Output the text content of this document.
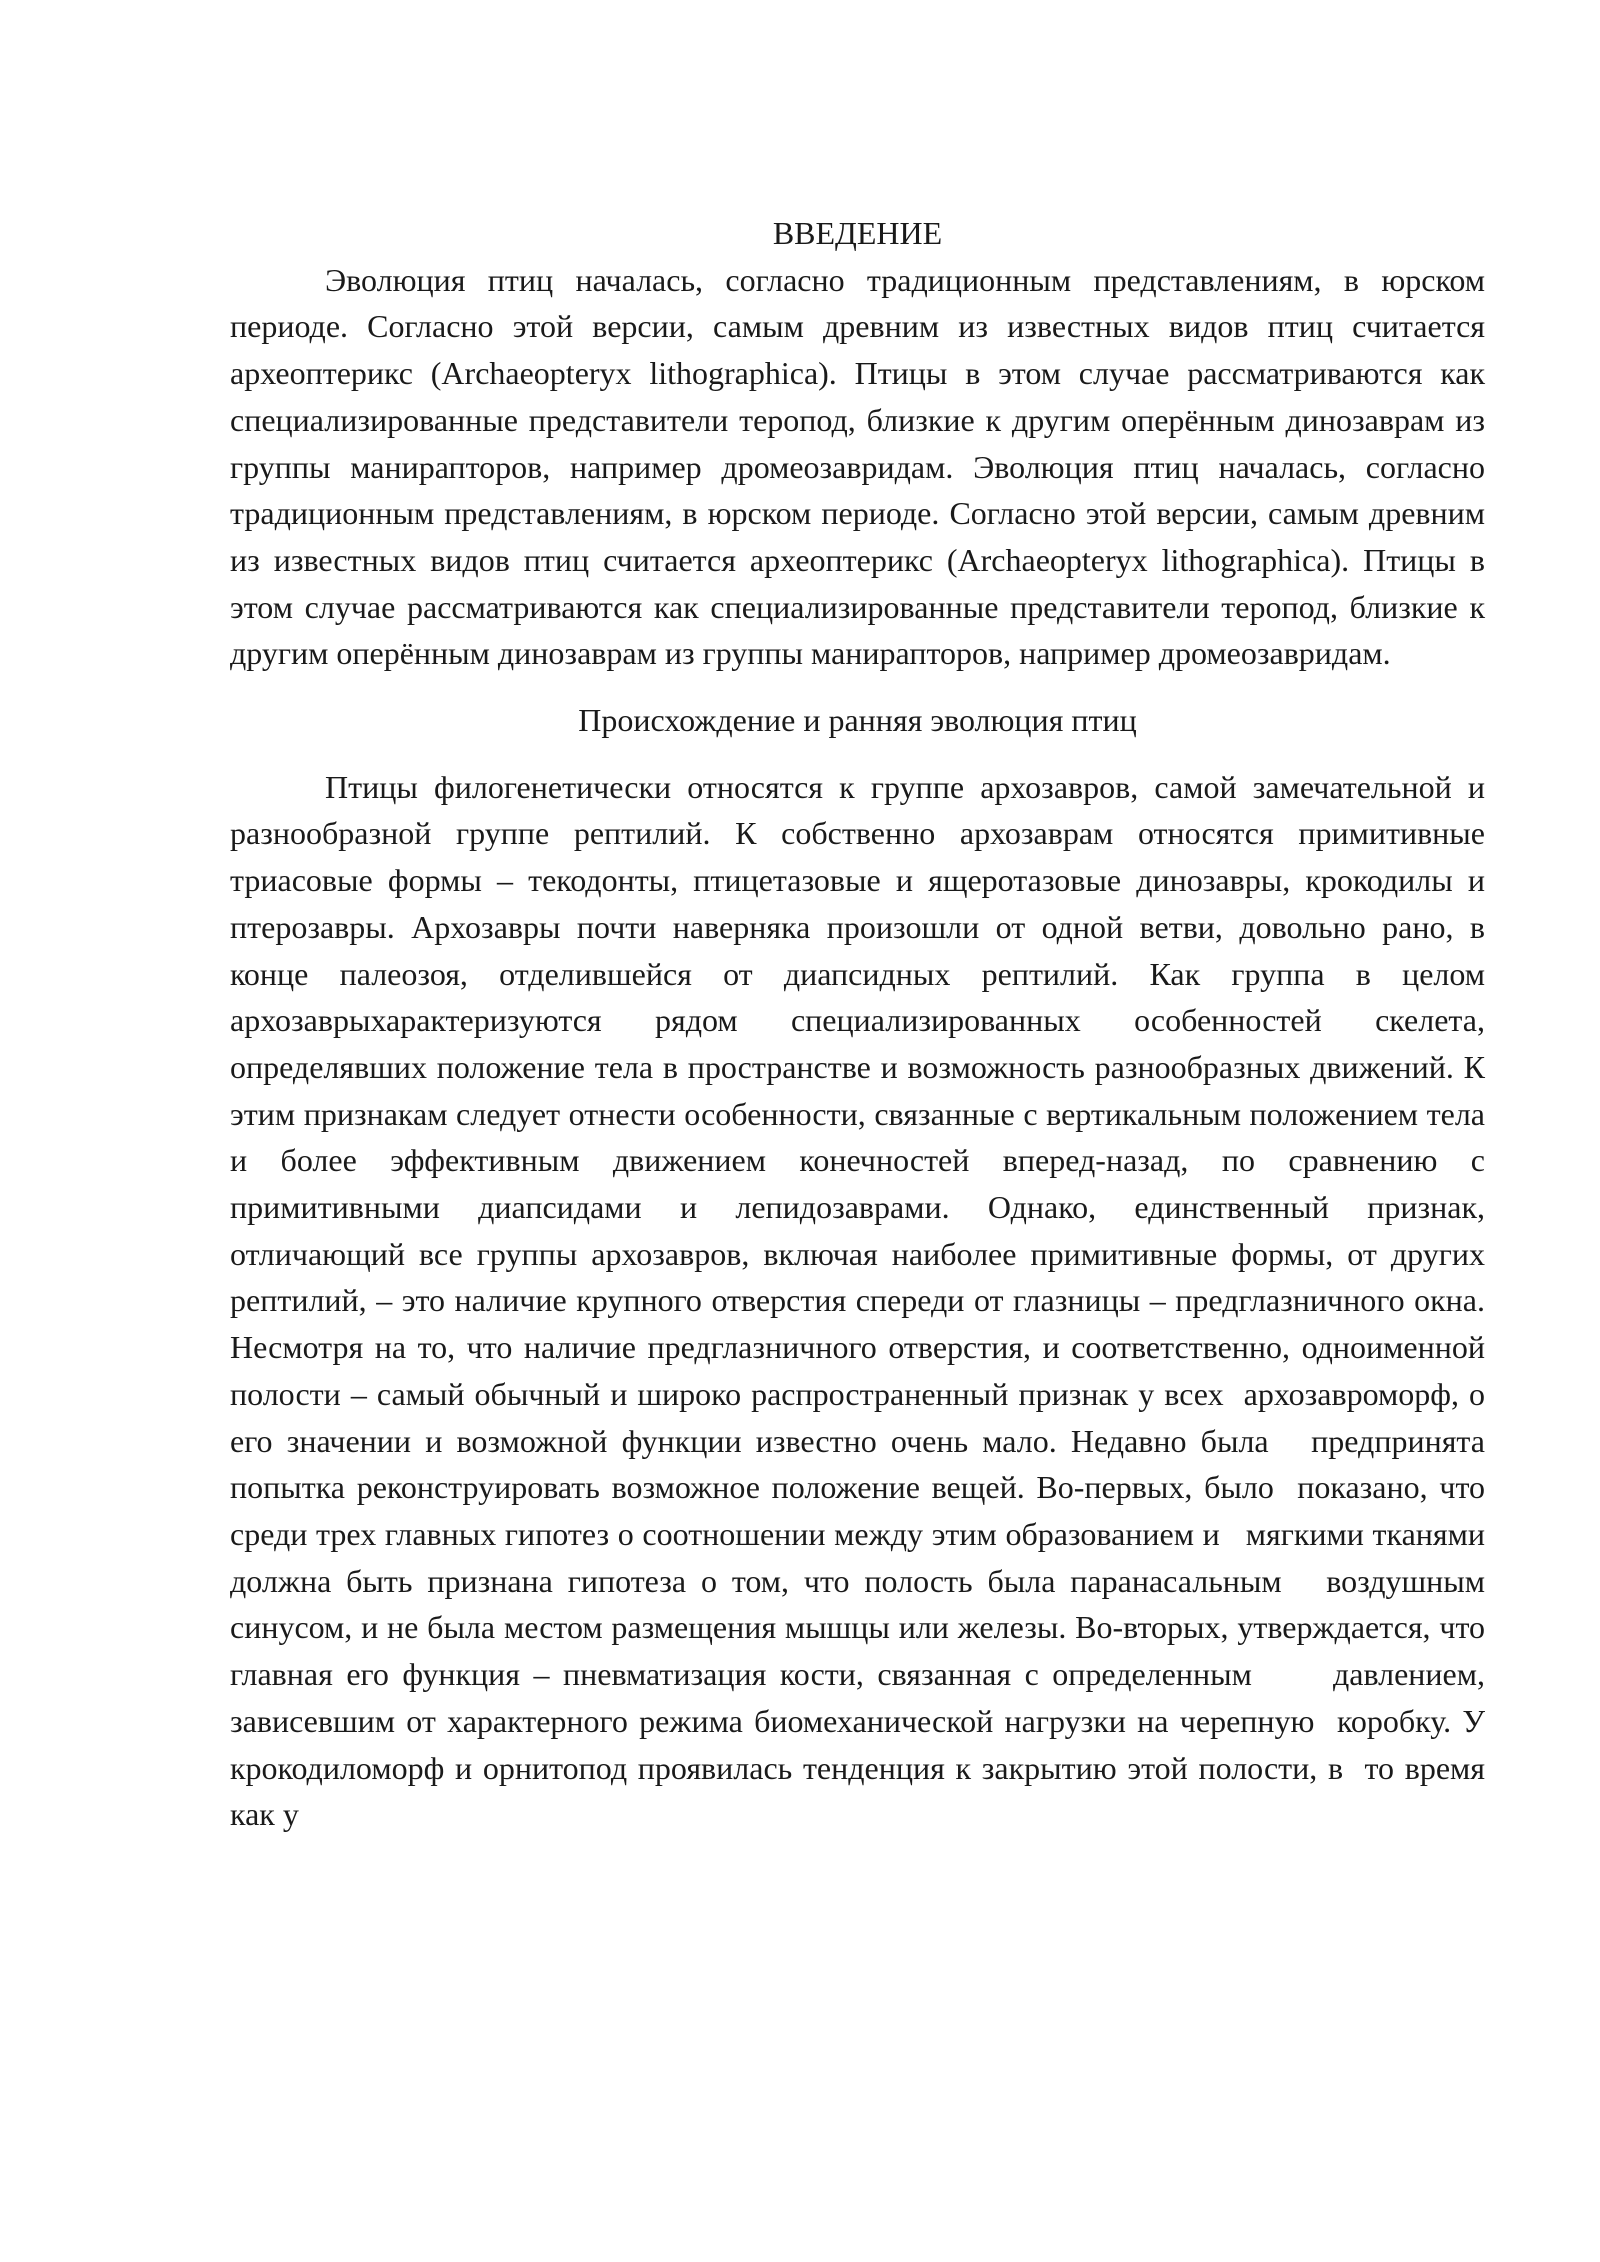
ВВЕДЕНИЕ

Эволюция птиц началась, согласно традиционным представлениям, в юрском периоде. Согласно этой версии, самым древним из известных видов птиц считается археоптерикс (Archaeopteryx lithographica). Птицы в этом случае рассматриваются как специализированные представители теропод, близкие к другим оперённым динозаврам из группы манирапторов, например дромеозавридам. Эволюция птиц началась, согласно традиционным представлениям, в юрском периоде. Согласно этой версии, самым древним из известных видов птиц считается археоптерикс (Archaeopteryx lithographica). Птицы в этом случае рассматриваются как специализированные представители теропод, близкие к другим оперённым динозаврам из группы манирапторов, например дромеозавридам.

Происхождение и ранняя эволюция птиц

Птицы филогенетически относятся к группе архозавров, самой замечательной и разнообразной группе рептилий. К собственно архозаврам относятся примитивные триасовые формы – текодонты, птицетазовые и ящеротазовые динозавры, крокодилы и птерозавры. Архозавры почти наверняка произошли от одной ветви, довольно рано, в конце палеозоя, отделившейся от диапсидных рептилий. Как группа в целом архозаврыхарактеризуются рядом специализированных особенностей скелета, определявших положение тела в пространстве и возможность разнообразных движений. К этим признакам следует отнести особенности, связанные с вертикальным положением тела и более эффективным движением конечностей вперед-назад, по сравнению с примитивными диапсидами и лепидозаврами. Однако, единственный признак, отличающий все группы архозавров, включая наиболее примитивные формы, от других рептилий, – это наличие крупного отверстия спереди от глазницы – предглазничного окна. Несмотря на то, что наличие предглазничного отверстия, и соответственно, одноименной полости – самый обычный и широко распространенный признак у всех  архозавроморф, о его значении и возможной функции известно очень мало. Недавно была   предпринята попытка реконструировать возможное положение вещей. Во-первых, было  показано, что среди трех главных гипотез о соотношении между этим образованием и   мягкими тканями должна быть признана гипотеза о том, что полость была паранасальным   воздушным синусом, и не была местом размещения мышцы или железы. Во-вторых, утверждается, что главная его функция – пневматизация кости, связанная с определенным      давлением, зависевшим от характерного режима биомеханической нагрузки на черепную  коробку. У крокодиломорф и орнитопод проявилась тенденция к закрытию этой полости, в  то время как у
